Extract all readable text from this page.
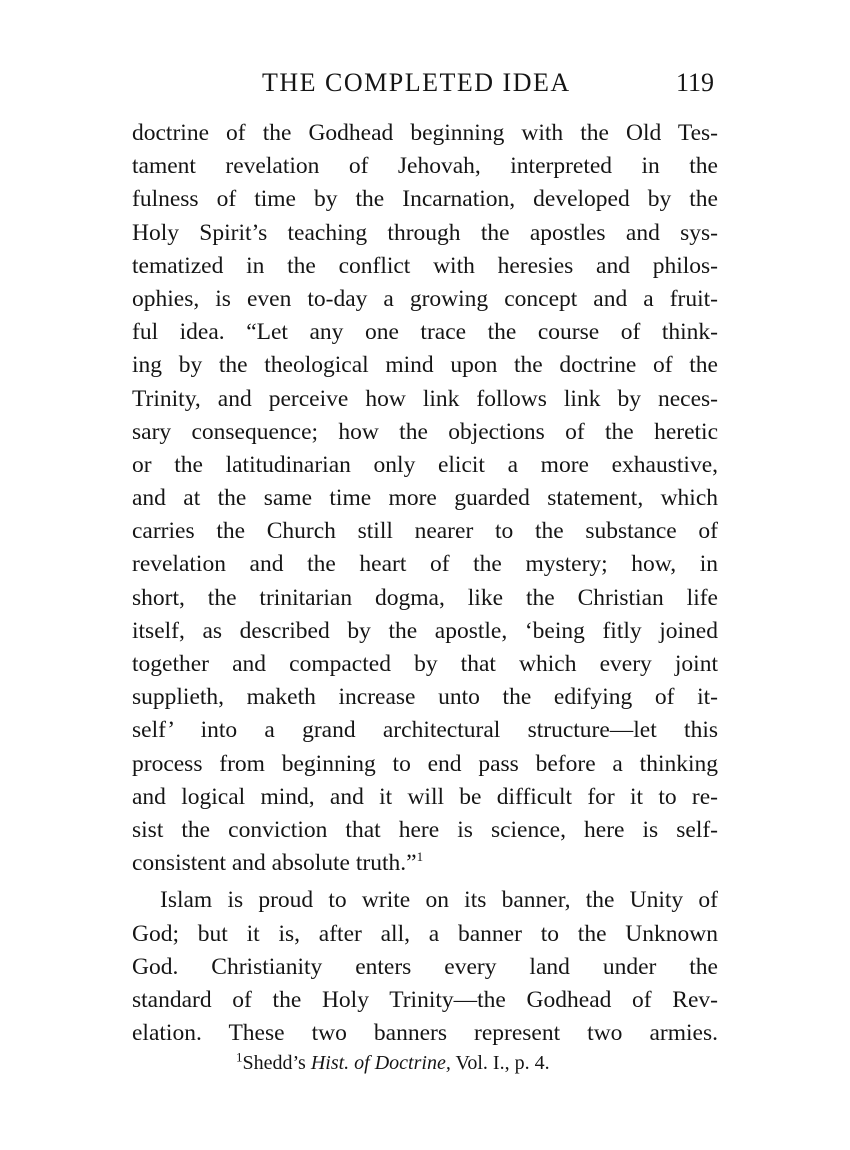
THE COMPLETED IDEA	119
doctrine of the Godhead beginning with the Old Tes-
tament revelation of Jehovah, interpreted in the
fulness of time by the Incarnation, developed by the
Holy Spirit’s teaching through the apostles and sys-
tematized in the conflict with heresies and philos-
ophies, is even to-day a growing concept and a fruit-
ful idea. “Let any one trace the course of think-
ing by the theological mind upon the doctrine of the
Trinity, and perceive how link follows link by neces-
sary consequence; how the objections of the heretic
or the latitudinarian only elicit a more exhaustive,
and at the same time more guarded statement, which
carries the Church still nearer to the substance of
revelation and the heart of the mystery; how, in
short, the trinitarian dogma, like the Christian life
itself, as described by the apostle, ‘being fitly joined
together and compacted by that which every joint
supplieth, maketh increase unto the edifying of it-
self’ into a grand architectural structure—let this
process from beginning to end pass before a thinking
and logical mind, and it will be difficult for it to re-
sist the conviction that here is science, here is self-
consistent and absolute truth.”$^1$
Islam is proud to write on its banner, the Unity of
God; but it is, after all, a banner to the Unknown
God. Christianity enters every land under the
standard of the Holy Trinity—the Godhead of Rev-
elation. These two banners represent two armies.
$^1$Shedd’s Hist. of Doctrine, Vol. I., p. 4.
